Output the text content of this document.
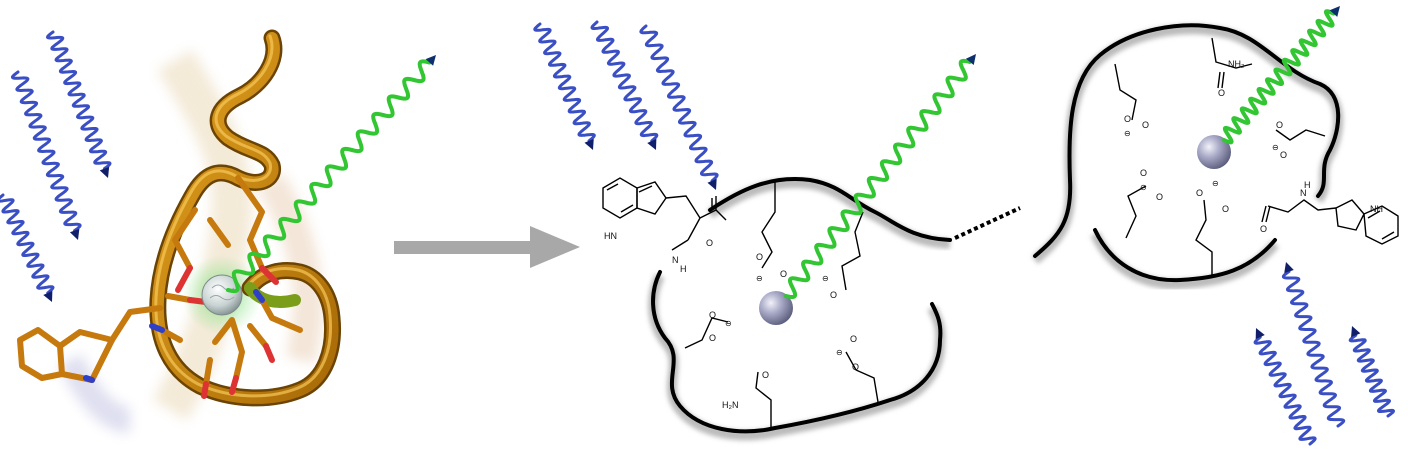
HN
N
H
O
O
⊖ O	⊖
O
O
⊖
O
H₂N
O
⊖
O
O
NH₂
O
O
⊖
O	O
⊖
O
O
⊖
O	O
⊖
O
O
N
H
NH
